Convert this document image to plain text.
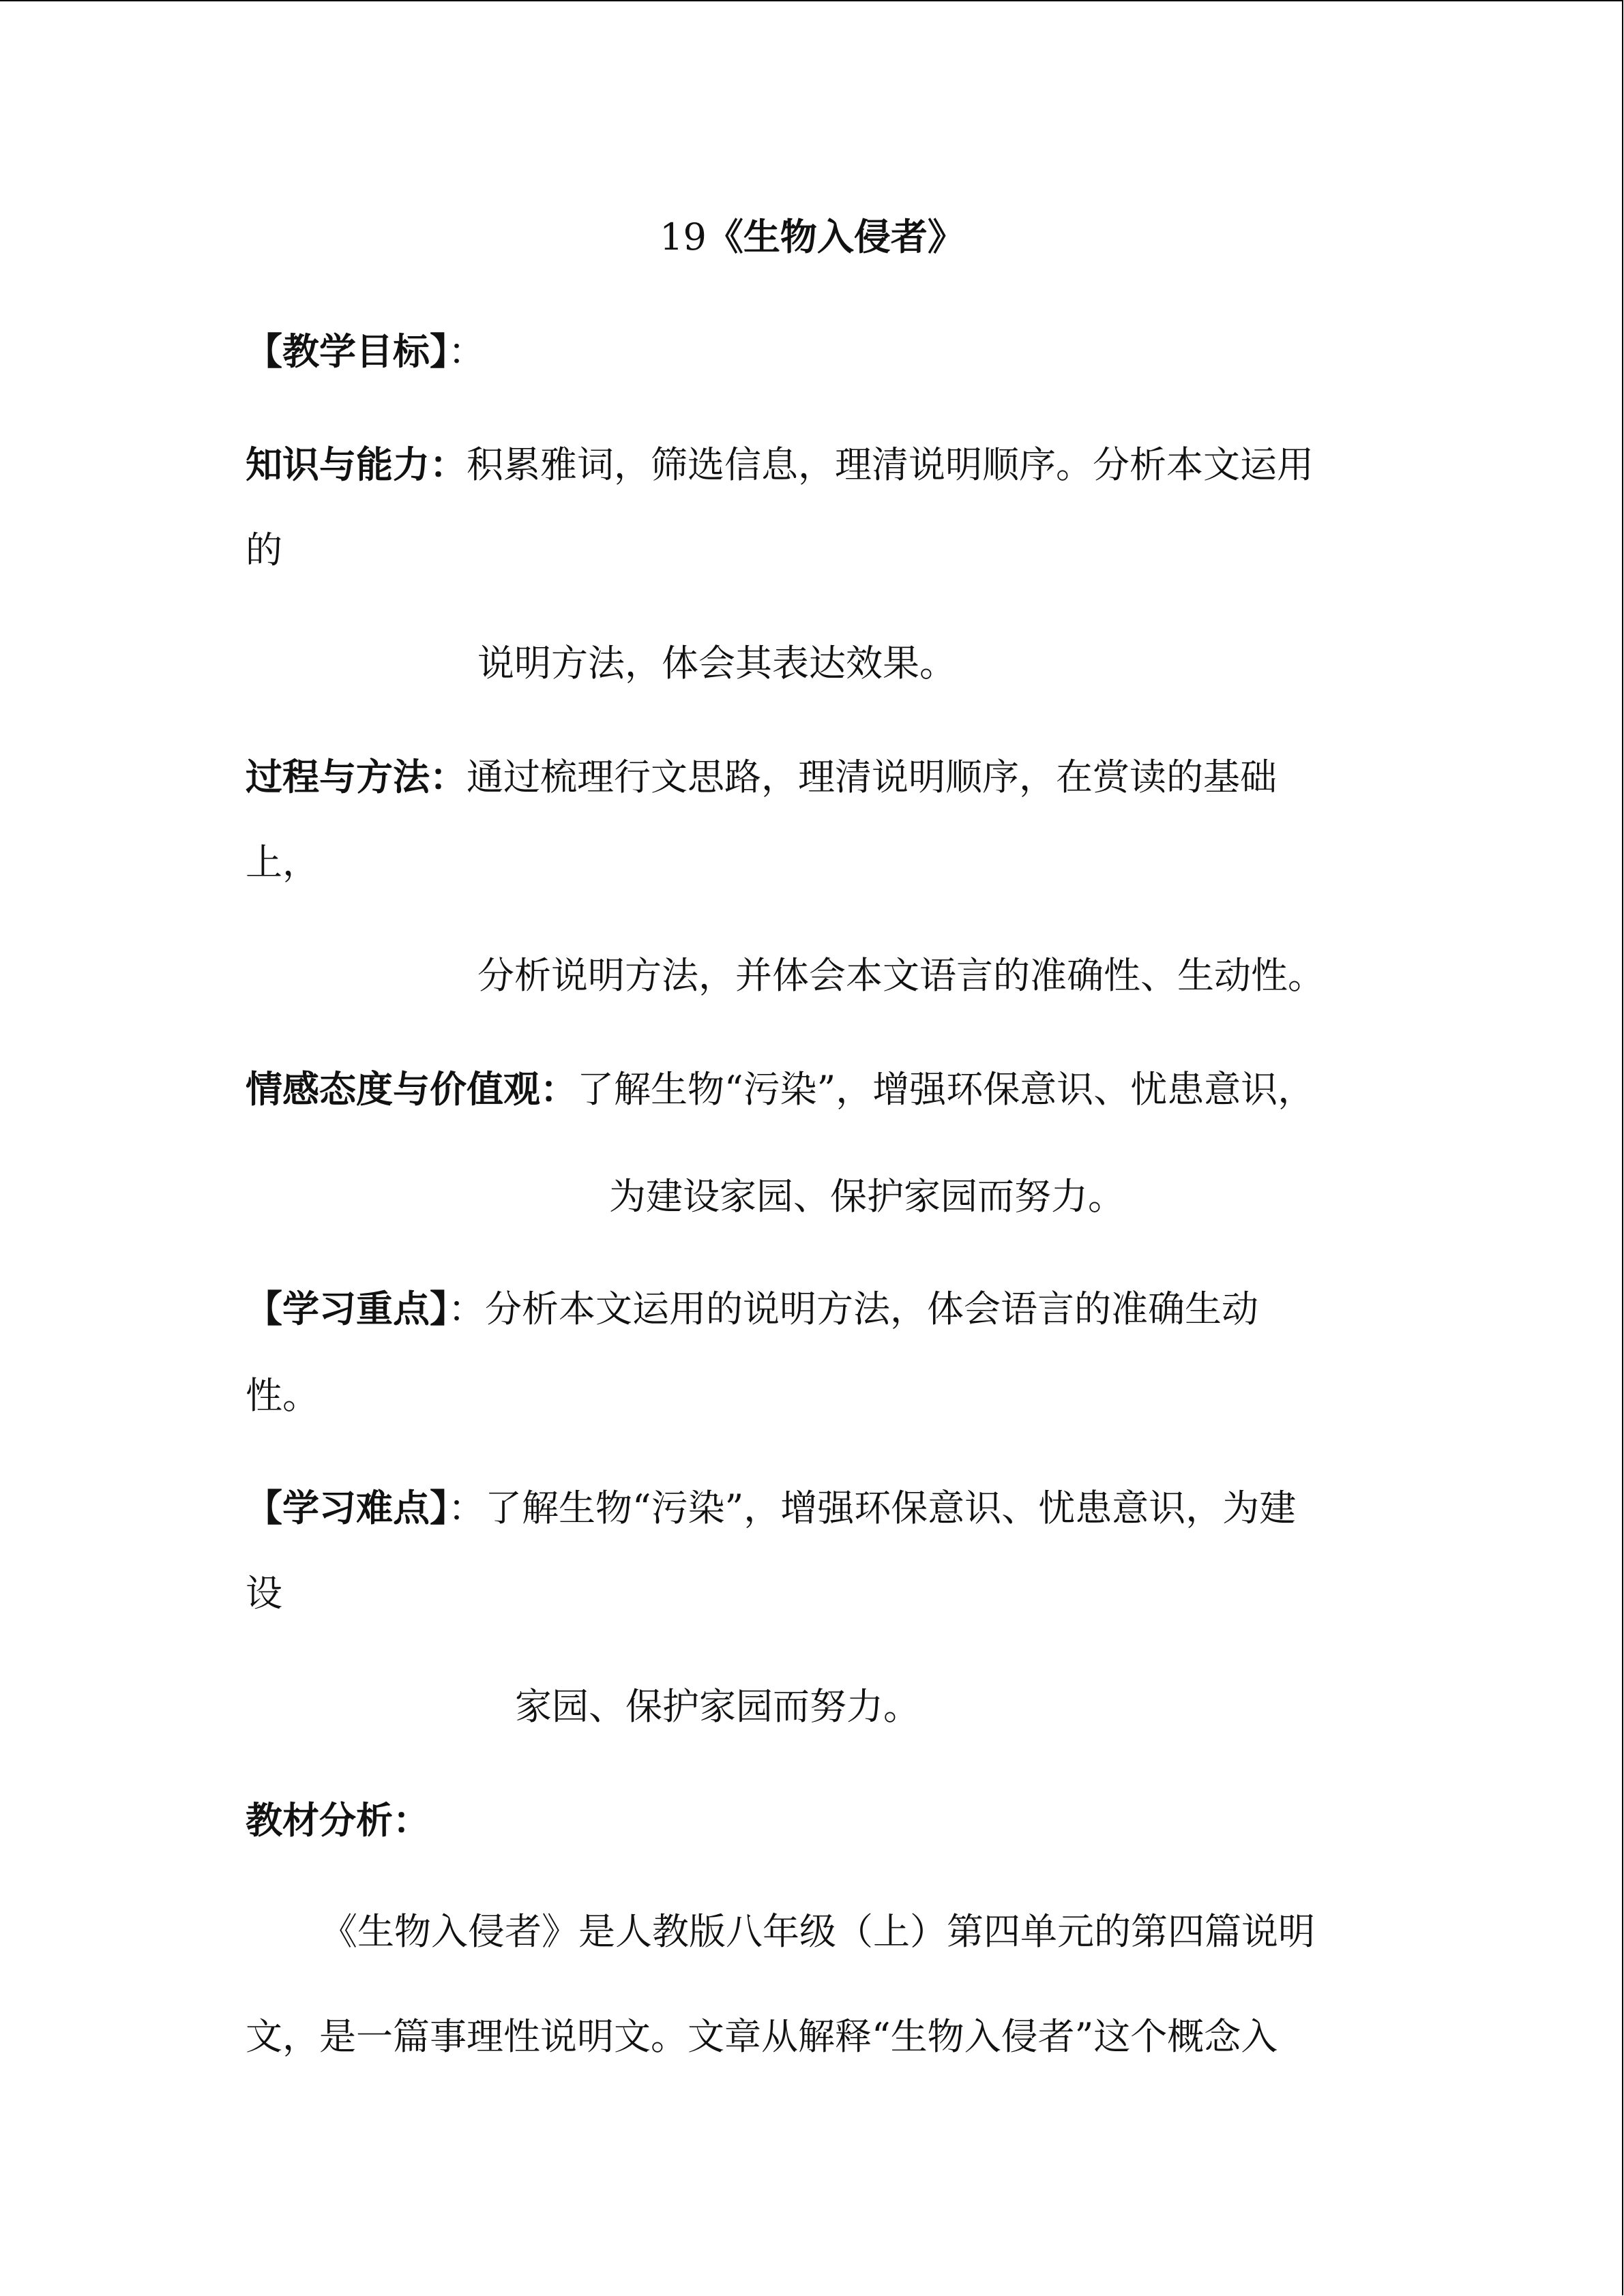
19《生物入侵者》
【教学目标】：
知识与能力：积累雅词，筛选信息，理清说明顺序。分析本文运用
的
说明方法，体会其表达效果。
过程与方法：通过梳理行文思路，理清说明顺序，在赏读的基础
上，
分析说明方法，并体会本文语言的准确性、生动性。
情感态度与价值观：了解生物“污染”，增强环保意识、忧患意识，
为建设家园、保护家园而努力。
【学习重点】：分析本文运用的说明方法，体会语言的准确生动
性。
【学习难点】：了解生物“污染”，增强环保意识、忧患意识，为建
设
家园、保护家园而努力。
教材分析：
《生物入侵者》是人教版八年级（上）第四单元的第四篇说明
文，是一篇事理性说明文。文章从解释“生物入侵者”这个概念入
